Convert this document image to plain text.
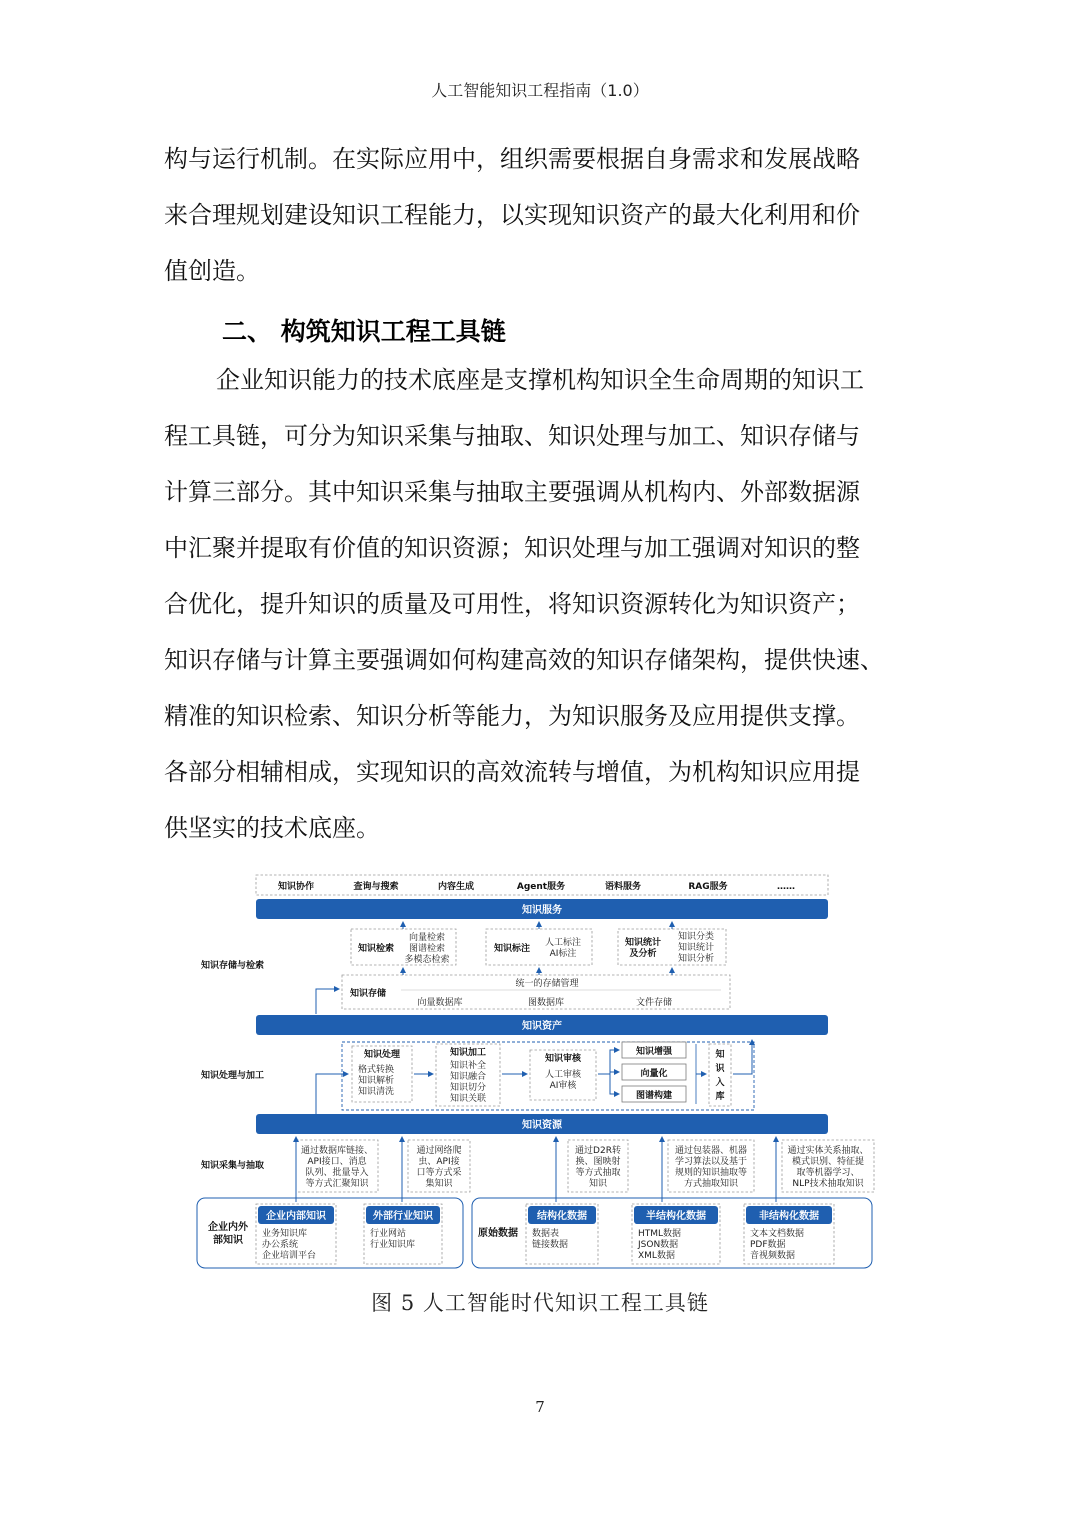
人工智能知识工程指南（1.0）

构与运行机制。在实际应用中，组织需要根据自身需求和发展战略
来合理规划建设知识工程能力，以实现知识资产的最大化利用和价
值创造。

二、 构筑知识工程工具链

企业知识能力的技术底座是支撑机构知识全生命周期的知识工
程工具链，可分为知识采集与抽取、知识处理与加工、知识存储与
计算三部分。其中知识采集与抽取主要强调从机构内、外部数据源
中汇聚并提取有价值的知识资源；知识处理与加工强调对知识的整
合优化，提升知识的质量及可用性，将知识资源转化为知识资产；
知识存储与计算主要强调如何构建高效的知识存储架构，提供快速、
精准的知识检索、知识分析等能力，为知识服务及应用提供支撑。
各部分相辅相成，实现知识的高效流转与增值，为机构知识应用提
供坚实的技术底座。

知识协作	查询与搜索	内容生成	Agent服务	语料服务	RAG服务	……
知识服务
知识存储与检索
知识处理与加工
知识采集与抽取
知识检索
向量检索
图谱检索
多模态检索
知识标注
人工标注
AI标注
知识统计
及分析
知识分类
知识统计
知识分析
知识存储
统一的存储管理
向量数据库	图数据库	文件存储
知识资产
知识处理
格式转换
知识解析
知识清洗
知识加工
知识补全
知识融合
知识切分
知识关联
知识审核
人工审核
AI审核
知识增强
向量化
图谱构建
知
识
入
库
知识资源
通过数据库链接、
API接口、消息
队列、批量导入
等方式汇聚知识
通过网络爬
虫、API接
口等方式采
集知识
通过D2R转
换、图映射
等方式抽取
知识
通过包装器、机器
学习算法以及基于
规则的知识抽取等
方式抽取知识
通过实体关系抽取、
模式识别、特征提
取等机器学习、
NLP技术抽取知识
企业内外
部知识
企业内部知识
业务知识库
办公系统
企业培训平台
外部行业知识
行业网站
行业知识库
原始数据
结构化数据
数据表
链接数据
半结构化数据
HTML数据
JSON数据
XML数据
非结构化数据
文本文档数据
PDF数据
音视频数据
图 5 人工智能时代知识工程工具链
7
